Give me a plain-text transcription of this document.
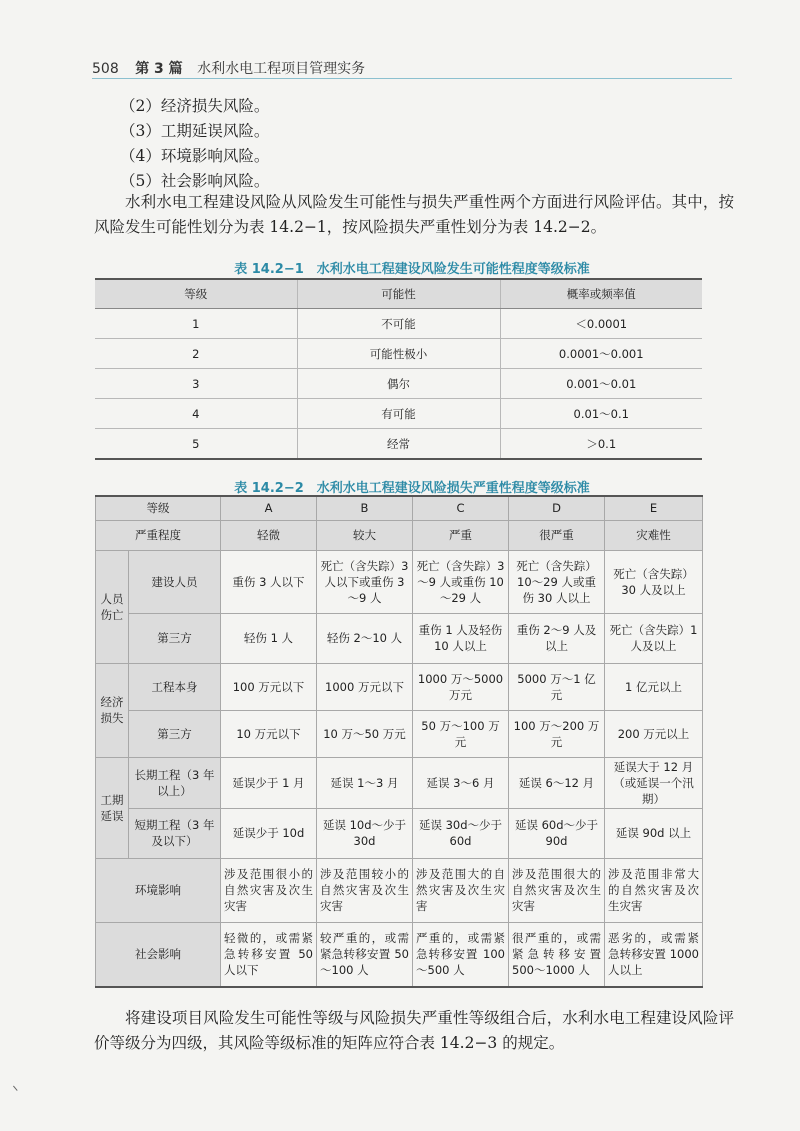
508 第 3 篇 水利水电工程项目管理实务
（2）经济损失风险。
（3）工期延误风险。
（4）环境影响风险。
（5）社会影响风险。
水利水电工程建设风险从风险发生可能性与损失严重性两个方面进行风险评估。其中，按风险发生可能性划分为表 14.2−1，按风险损失严重性划分为表 14.2−2。
表 14.2−1　水利水电工程建设风险发生可能性程度等级标准
等级	可能性	概率或频率值
1	不可能	＜0.0001
2	可能性极小	0.0001～0.001
3	偶尔	0.001～0.01
4	有可能	0.01～0.1
5	经常	＞0.1
表 14.2−2　水利水电工程建设风险损失严重性程度等级标准
等级		A	B	C	D	E
严重程度		轻微	较大	严重	很严重	灾难性
人员伤亡	建设人员	重伤 3 人以下	死亡（含失踪）3 人以下或重伤 3～9 人	死亡（含失踪）3～9 人或重伤 10～29 人	死亡（含失踪）10～29 人或重伤 30 人以上	死亡（含失踪）30 人及以上
	第三方	轻伤 1 人	轻伤 2～10 人	重伤 1 人及轻伤 10 人以上	重伤 2～9 人及以上	死亡（含失踪）1 人及以上
经济损失	工程本身	100 万元以下	1000 万元以下	1000 万～5000 万元	5000 万～1 亿元	1 亿元以上
	第三方	10 万元以下	10 万～50 万元	50 万～100 万元	100 万～200 万元	200 万元以上
工期延误	长期工程（3 年以上）	延误少于 1 月	延误 1～3 月	延误 3～6 月	延误 6～12 月	延误大于 12 月（或延误一个汛期）
	短期工程（3 年及以下）	延误少于 10d	延误 10d～少于 30d	延误 30d～少于 60d	延误 60d～少于 90d	延误 90d 以上
环境影响		涉及范围很小的自然灾害及次生灾害	涉及范围较小的自然灾害及次生灾害	涉及范围大的自然灾害及次生灾害	涉及范围很大的自然灾害及次生灾害	涉及范围非常大的自然灾害及次生灾害
社会影响		轻微的，或需紧急转移安置 50 人以下	较严重的，或需紧急转移安置 50～100 人	严重的，或需紧急转移安置 100～500 人	很严重的，或需紧急转移安置 500～1000 人	恶劣的，或需紧急转移安置 1000 人以上
将建设项目风险发生可能性等级与风险损失严重性等级组合后，水利水电工程建设风险评价等级分为四级，其风险等级标准的矩阵应符合表 14.2−3 的规定。
